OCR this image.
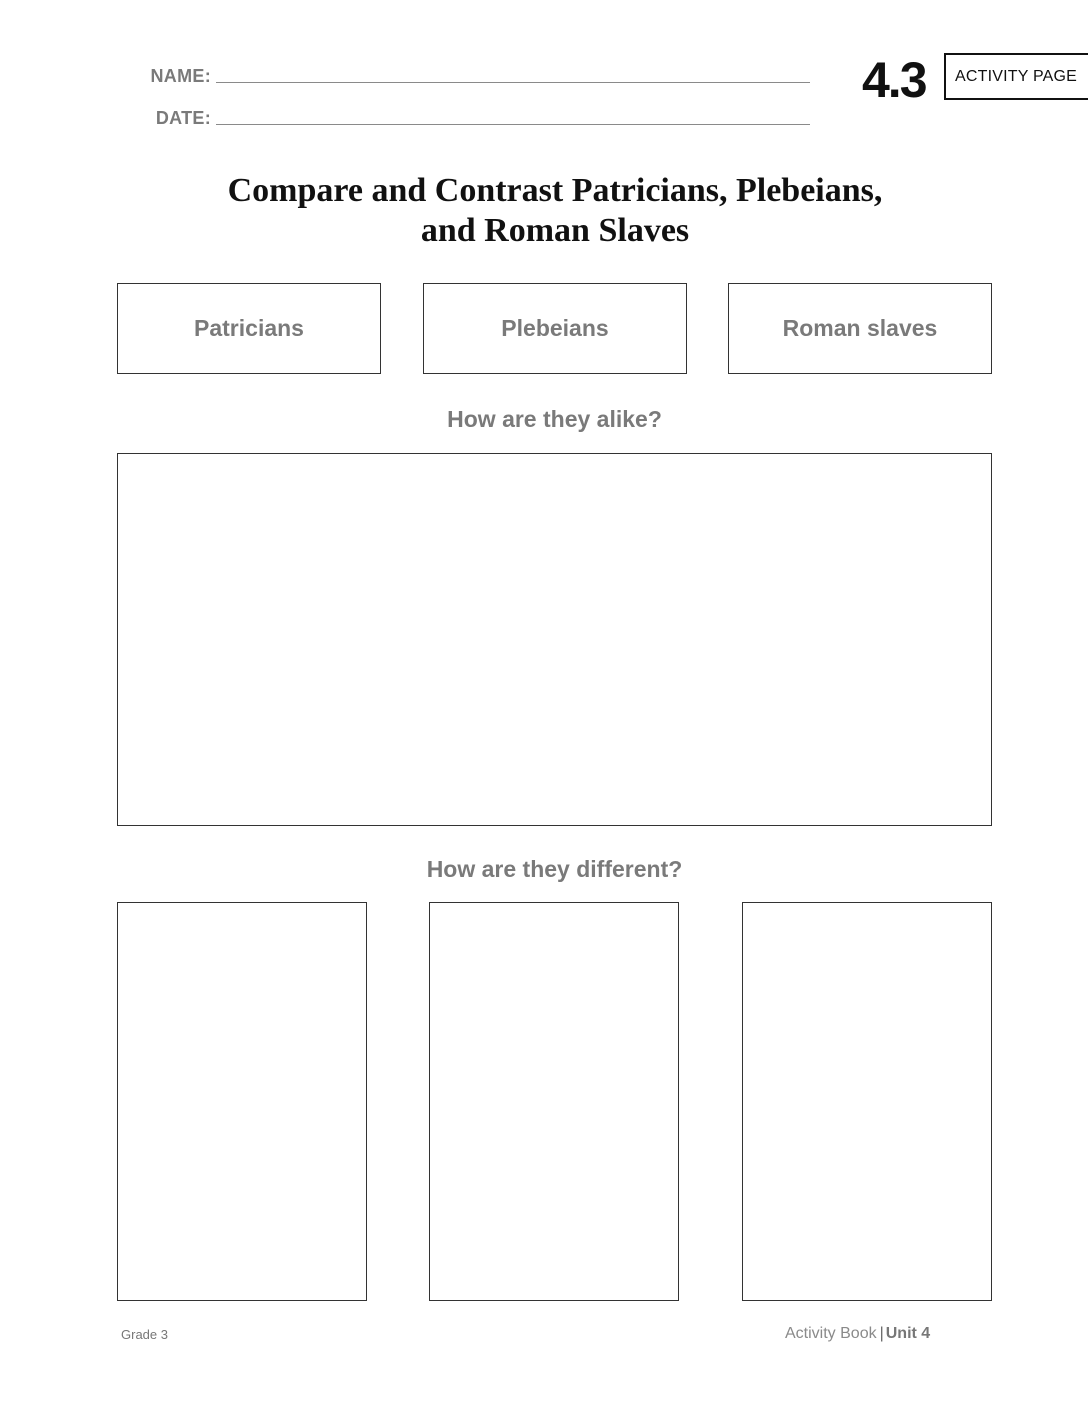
NAME:
DATE:
4.3 ACTIVITY PAGE
Compare and Contrast Patricians, Plebeians,
and Roman Slaves
Patricians	Plebeians	Roman slaves
How are they alike?
How are they different?
Grade 3	Activity Book | Unit 4
